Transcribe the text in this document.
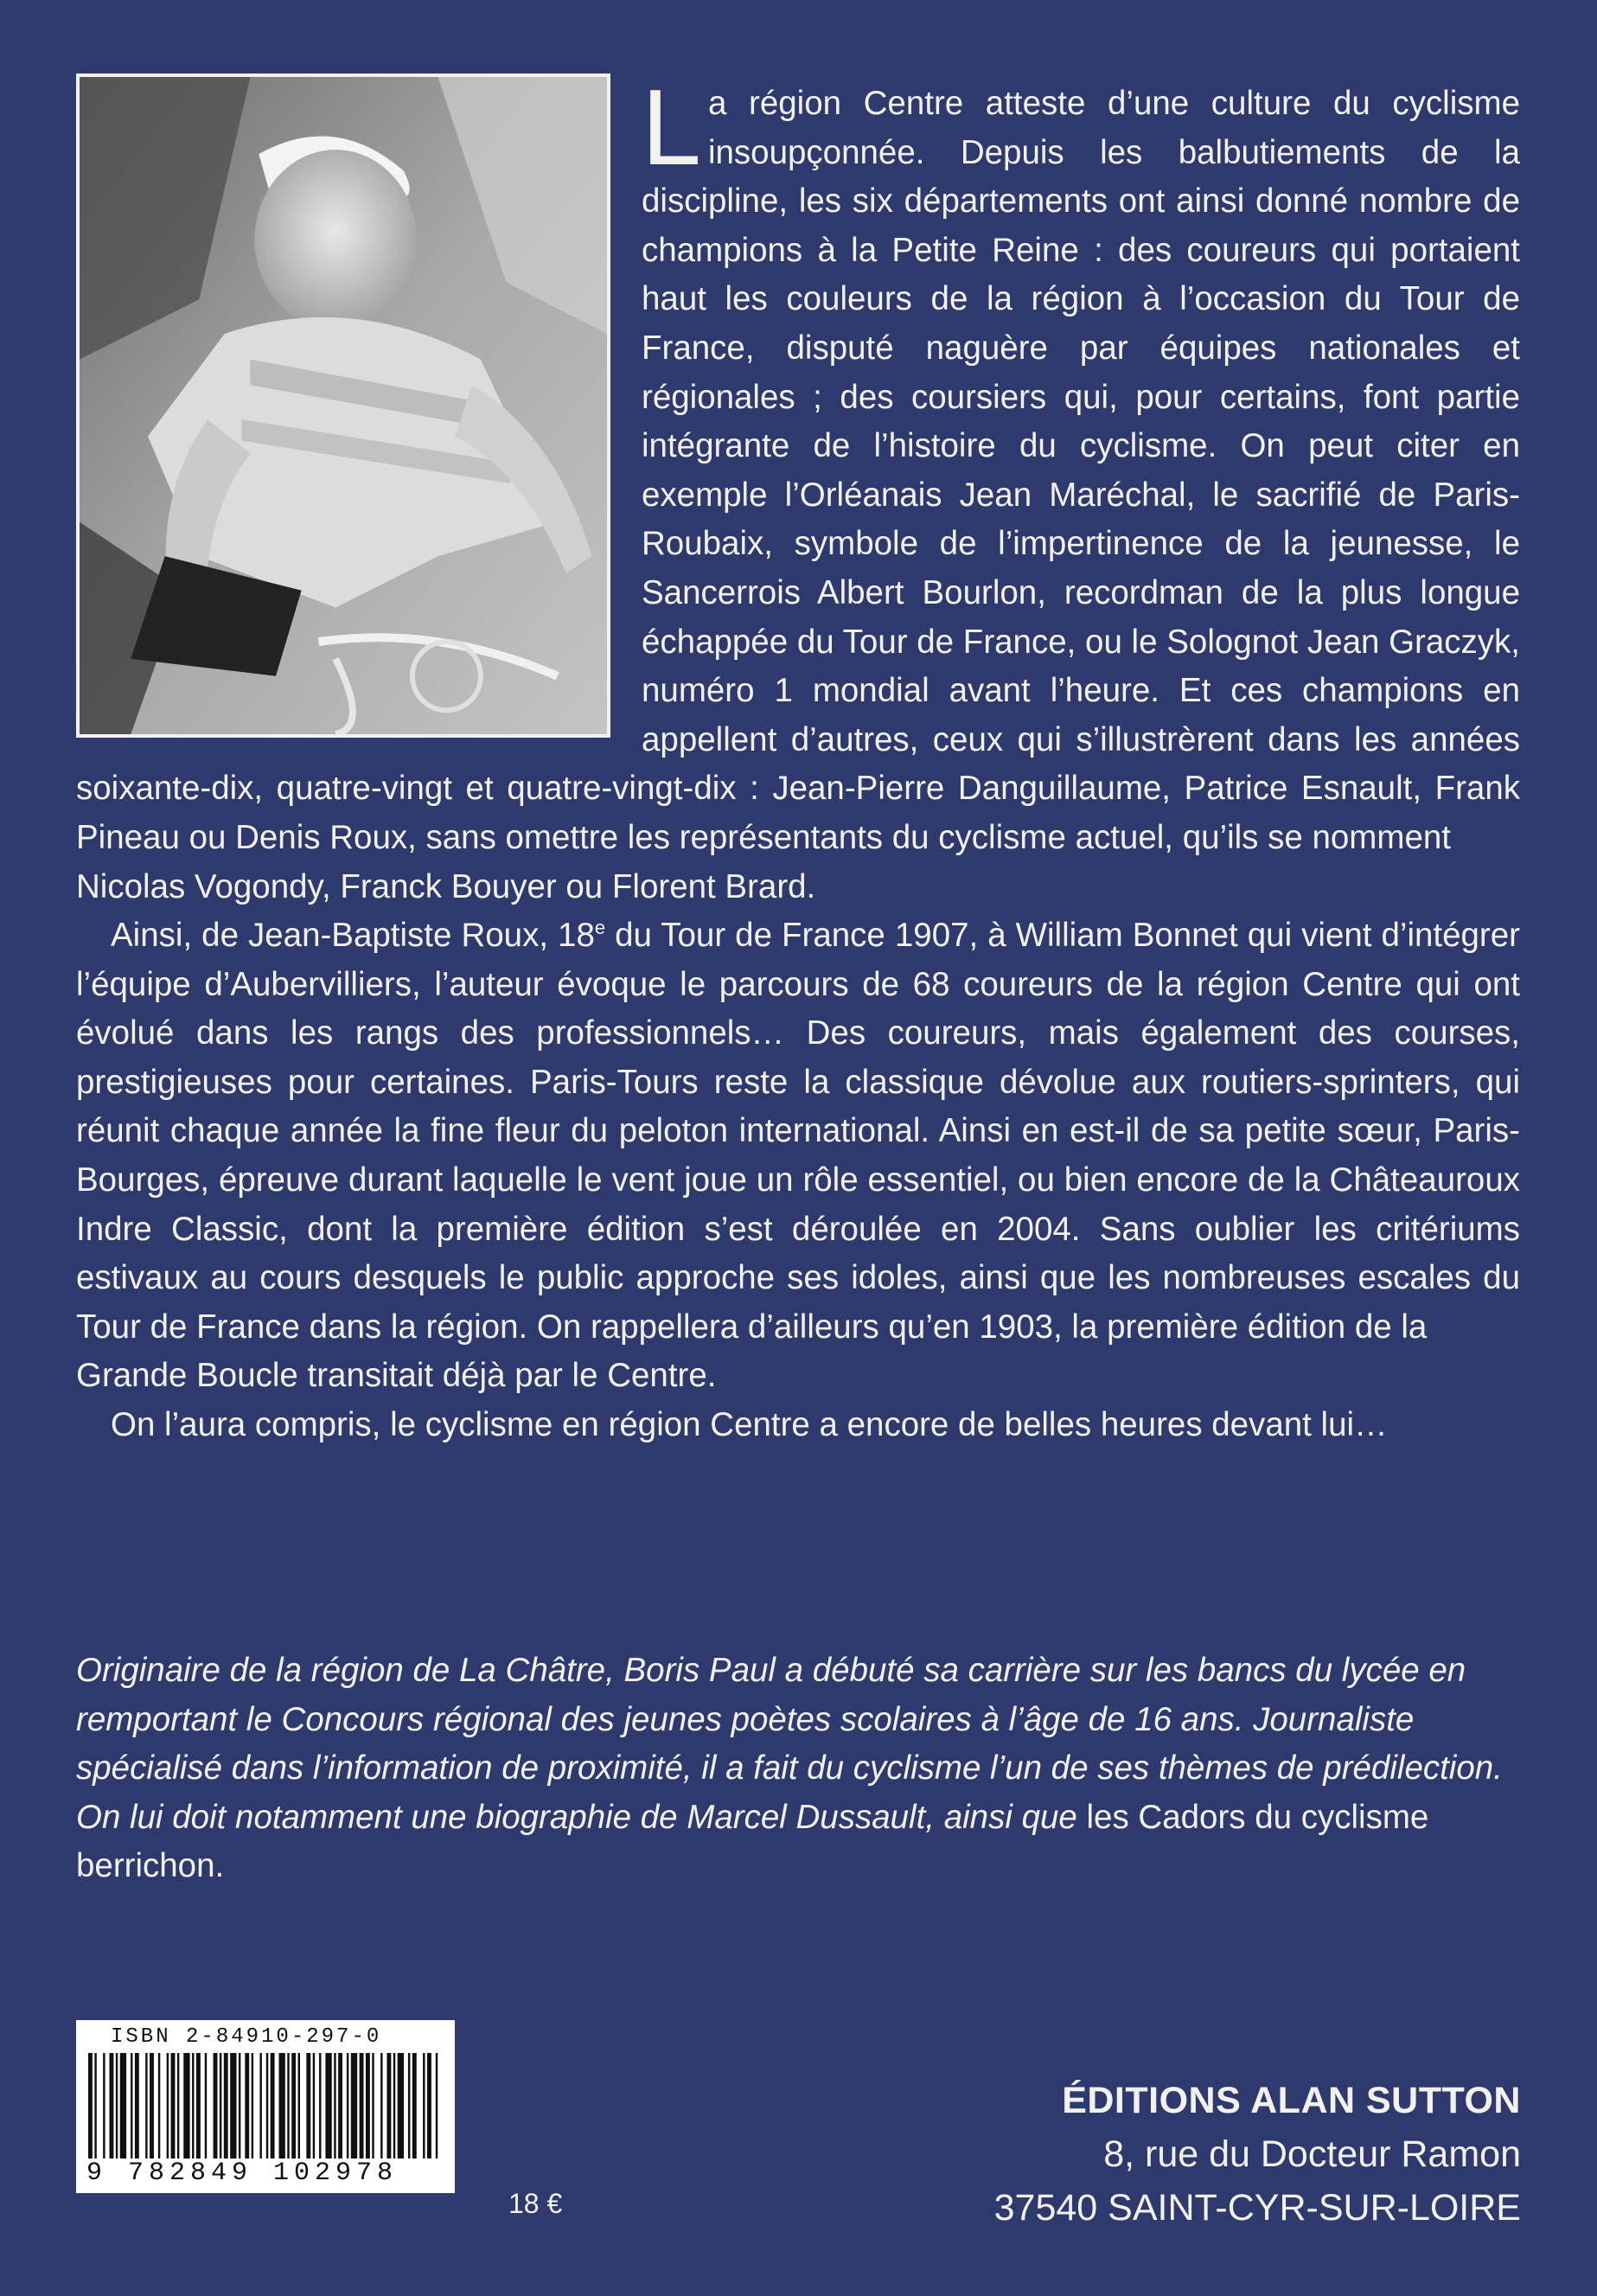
L a région Centre atteste d’une culture du cyclisme insoupçonnée. Depuis les balbutiements de la discipline, les six départements ont ainsi donné nombre de champions à la Petite Reine : des coureurs qui portaient haut les couleurs de la région à l’occasion du Tour de France, disputé naguère par équipes nationales et régionales ; des coursiers qui, pour certains, font partie intégrante de l’histoire du cyclisme. On peut citer en exemple l’Orléanais Jean Maréchal, le sacrifié de Paris-Roubaix, symbole de l’impertinence de la jeunesse, le Sancerrois Albert Bourlon, recordman de la plus longue échappée du Tour de France, ou le Solognot Jean Graczyk, numéro 1 mondial avant l’heure. Et ces champions en appellent d’autres, ceux qui s’illustrèrent dans les années soixante-dix, quatre-vingt et quatre-vingt-dix : Jean-Pierre Danguillaume, Patrice Esnault, Frank Pineau ou Denis Roux, sans omettre les représentants du cyclisme actuel, qu’ils se nomment
Nicolas Vogondy, Franck Bouyer ou Florent Brard.

Ainsi, de Jean-Baptiste Roux, 18e du Tour de France 1907, à William Bonnet qui vient d’intégrer l’équipe d’Aubervilliers, l’auteur évoque le parcours de 68 coureurs de la région Centre qui ont évolué dans les rangs des professionnels… Des coureurs, mais également des courses, prestigieuses pour certaines. Paris-Tours reste la classique dévolue aux routiers-sprinters, qui réunit chaque année la fine fleur du peloton international. Ainsi en est-il de sa petite sœur, Paris-Bourges, épreuve durant laquelle le vent joue un rôle essentiel, ou bien encore de la Châteauroux Indre Classic, dont la première édition s’est déroulée en 2004. Sans oublier les critériums estivaux au cours desquels le public approche ses idoles, ainsi que les nombreuses escales du Tour de France dans la région. On rappellera d’ailleurs qu’en 1903, la première édition de la
Grande Boucle transitait déjà par le Centre.

On l’aura compris, le cyclisme en région Centre a encore de belles heures devant lui…

Originaire de la région de La Châtre, Boris Paul a débuté sa carrière sur les bancs du lycée en remportant le Concours régional des jeunes poètes scolaires à l’âge de 16 ans. Journaliste spécialisé dans l’information de proximité, il a fait du cyclisme l’un de ses thèmes de prédilection. On lui doit notamment une biographie de Marcel Dussault, ainsi que les Cadors du cyclisme berrichon.

ISBN 2-84910-297-0
9 782849 102978
18 €
ÉDITIONS ALAN SUTTON
8, rue du Docteur Ramon
37540 SAINT-CYR-SUR-LOIRE
